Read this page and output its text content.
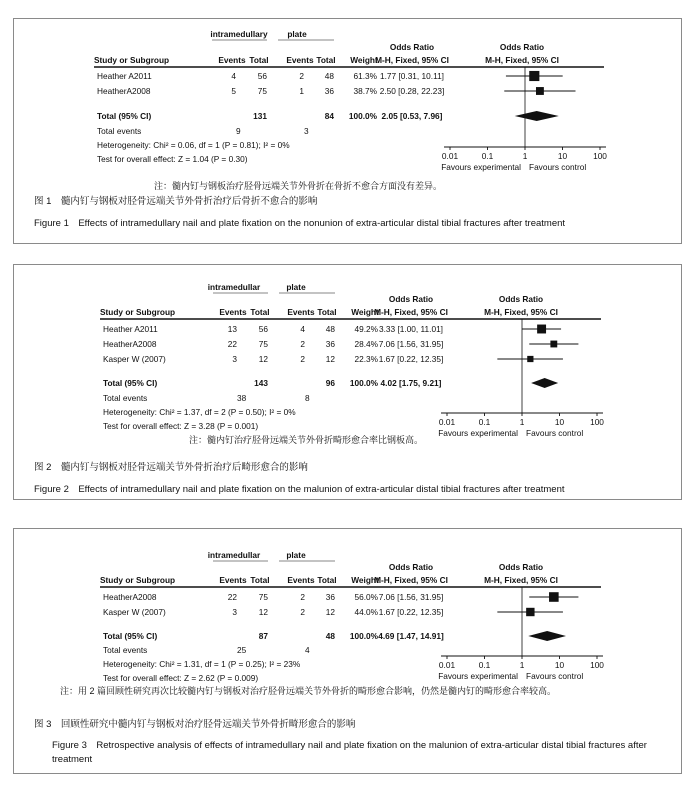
intramedullary plate
Odds Ratio	Odds Ratio
Study or Subgroup	Events Total Events Total Weight
M-H, Fixed, 95% CI	M-H, Fixed, 95% CI
Heather A2011	4	56	2	48 61.3% 1.77 [0.31, 10.11]
HeatherA2008	5	75	1	36 38.7% 2.50 [0.28, 22.23]
Total (95% CI)	131	84 100.0% 2.05 [0.53, 7.96]
Total events	9	3
Heterogeneity: Chi² = 0.06, df = 1 (P = 0.81); I² = 0%
Test for overall effect: Z = 1.04 (P = 0.30)	0.01	0.1	1	10	100
Favours experimental Favours control
注：髓内钉与钢板治疗胫骨远端关节外骨折在骨折不愈合方面没有差异。
图 1　髓内钉与钢板对胫骨远端关节外骨折治疗后骨折不愈合的影响
Figure 1　Effects of intramedullary nail and plate fixation on the nonunion of extra-articular distal tibial fractures after treatment
intramedullar	plate
Odds Ratio	Odds Ratio
Study or Subgroup	Events Total Events Total Weight
M-H, Fixed, 95% CI	M-H, Fixed, 95% CI
Heather A2011	13	56	4	48 49.2% 3.33 [1.00, 11.01]
HeatherA2008	22	75	2	36 28.4% 7.06 [1.56, 31.95]
Kasper W (2007)	3	12	2	12 22.3% 1.67 [0.22, 12.35]
Total (95% CI)	143	96 100.0% 4.02 [1.75, 9.21]
Total events	38	8
Heterogeneity: Chi² = 1.37, df = 2 (P = 0.50); I² = 0%
Test for overall effect: Z = 3.28 (P = 0.001)	0.01	0.1	1	10	100
Favours experimental Favours control
注：髓内钉治疗胫骨远端关节外骨折畸形愈合率比钢板高。
图 2　髓内钉与钢板对胫骨远端关节外骨折治疗后畸形愈合的影响
Figure 2　Effects of intramedullary nail and plate fixation on the malunion of extra-articular distal tibial fractures after treatment
intramedullar	plate
Odds Ratio	Odds Ratio
Study or Subgroup	Events Total Events Total Weight
M-H, Fixed, 95% CI	M-H, Fixed, 95% CI
HeatherA2008	22	75	2	36 56.0% 7.06 [1.56, 31.95]
Kasper W (2007)	3	12	2	12 44.0% 1.67 [0.22, 12.35]
Total (95% CI)	87	48 100.0% 4.69 [1.47, 14.91]
Total events	25	4
Heterogeneity: Chi² = 1.31, df = 1 (P = 0.25); I² = 23%
Test for overall effect: Z = 2.62 (P = 0.009)
0.01	0.1	1	10	100
Favours experimental Favours control
注：用 2 篇回顾性研究再次比较髓内钉与钢板对治疗胫骨远端关节外骨折的畸形愈合影响，仍然是髓内钉的畸形愈合率较高。
图 3　回顾性研究中髓内钉与钢板对治疗胫骨远端关节外骨折畸形愈合的影响
Figure 3　Retrospective analysis of effects of intramedullary nail and plate fixation on the malunion of extra-articular distal tibial fractures after treatment
